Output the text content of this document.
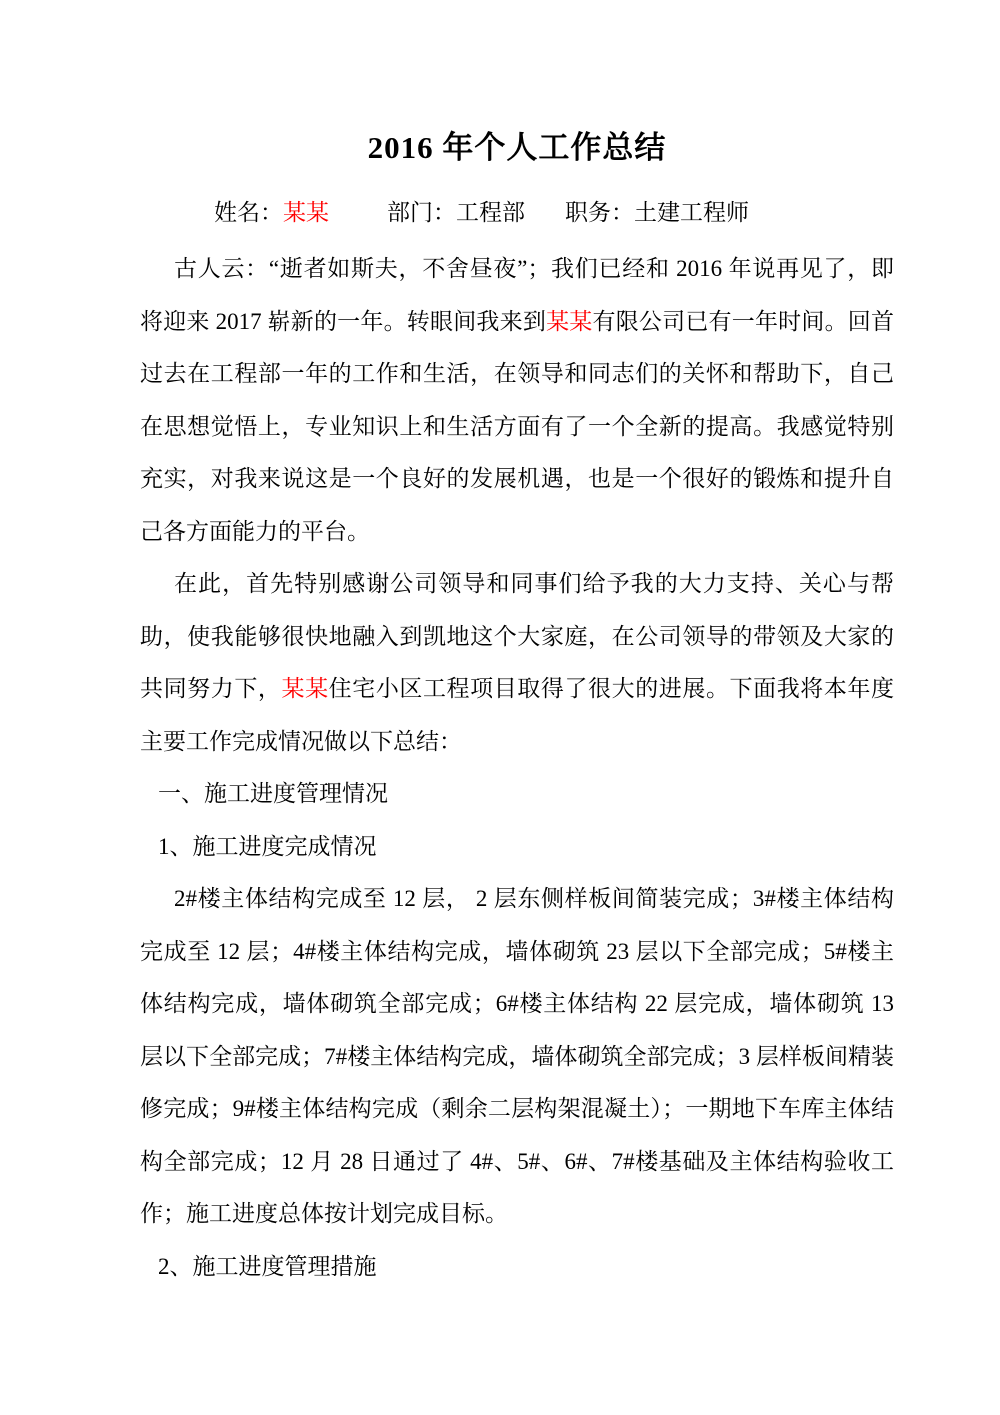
2016 年个人工作总结

姓名：某某	部门：工程部 职务：土建工程师

古人云：“逝者如斯夫，不舍昼夜”；我们已经和 2016 年说再见了，即将迎来 2017 崭新的一年。转眼间我来到某某有限公司已有一年时间。回首过去在工程部一年的工作和生活，在领导和同志们的关怀和帮助下，自己在思想觉悟上，专业知识上和生活方面有了一个全新的提高。我感觉特别充实，对我来说这是一个良好的发展机遇，也是一个很好的锻炼和提升自己各方面能力的平台。

在此，首先特别感谢公司领导和同事们给予我的大力支持、关心与帮助，使我能够很快地融入到凯地这个大家庭，在公司领导的带领及大家的共同努力下，某某住宅小区工程项目取得了很大的进展。下面我将本年度主要工作完成情况做以下总结：

一、施工进度管理情况

1、施工进度完成情况

2#楼主体结构完成至 12 层， 2 层东侧样板间简装完成；3#楼主体结构完成至 12 层；4#楼主体结构完成，墙体砌筑 23 层以下全部完成；5#楼主体结构完成，墙体砌筑全部完成；6#楼主体结构 22 层完成，墙体砌筑 13 层以下全部完成；7#楼主体结构完成，墙体砌筑全部完成；3 层样板间精装修完成；9#楼主体结构完成（剩余二层构架混凝土）；一期地下车库主体结构全部完成；12 月 28 日通过了 4#、5#、6#、7#楼基础及主体结构验收工作；施工进度总体按计划完成目标。

2、施工进度管理措施
